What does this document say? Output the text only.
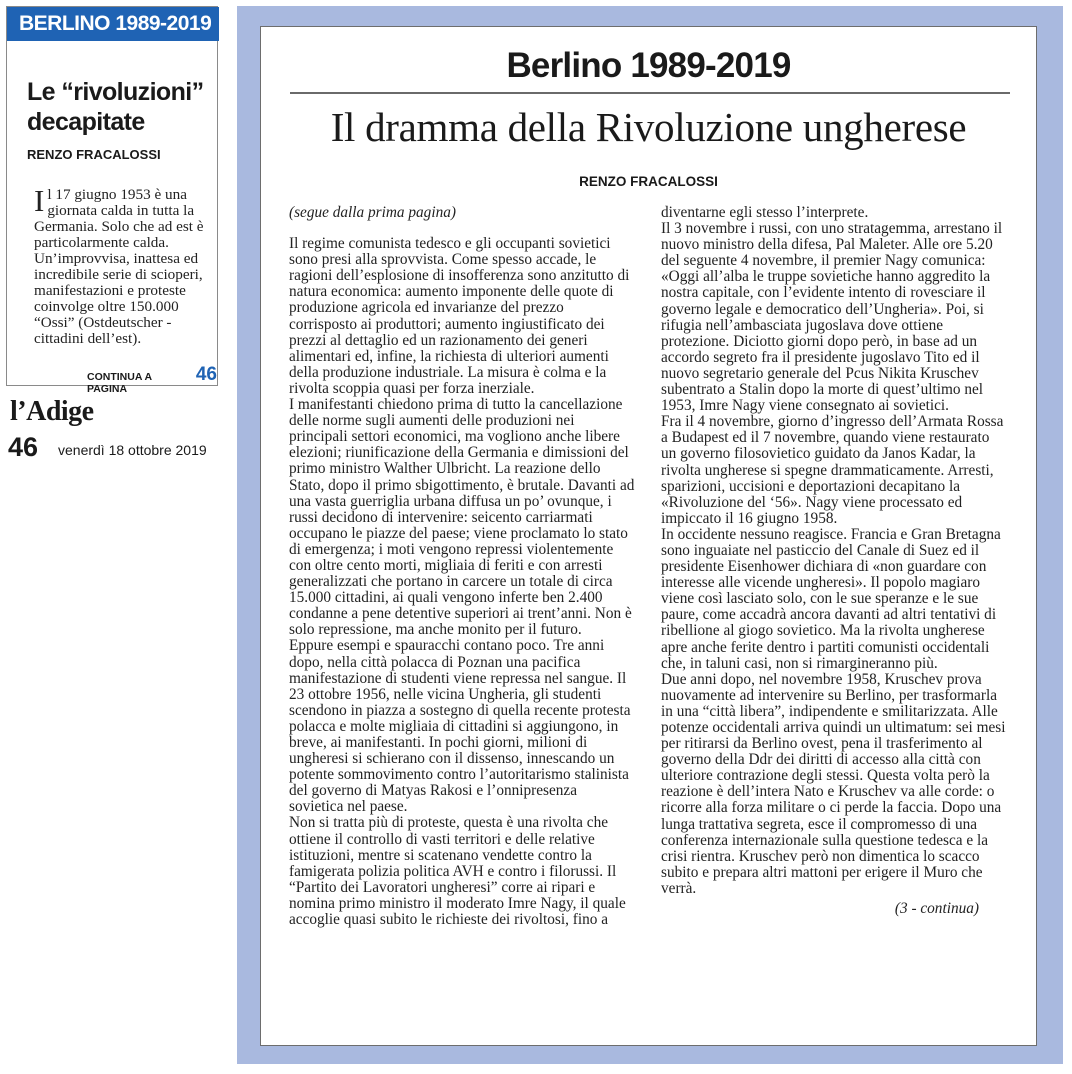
BERLINO 1989-2019
Le “rivoluzioni” decapitate
RENZO FRACALOSSI
Il 17 giugno 1953 è una giornata calda in tutta la Germania. Solo che ad est è particolarmente calda. Un’improvvisa, inattesa ed incredibile serie di scioperi, manifestazioni e proteste coinvolge oltre 150.000 “Ossi” (Ostdeutscher - cittadini dell’est).
CONTINUA A PAGINA
46
l’Adige
46 venerdì 18 ottobre 2019
Berlino 1989-2019
Il dramma della Rivoluzione ungherese
RENZO FRACALOSSI

(segue dalla prima pagina)

Il regime comunista tedesco e gli occupanti sovietici sono presi alla sprovvista. Come spesso accade, le ragioni dell’esplosione di insofferenza sono anzitutto di natura economica: aumento imponente delle quote di produzione agricola ed invarianze del prezzo corrisposto ai produttori; aumento ingiustificato dei prezzi al dettaglio ed un razionamento dei generi alimentari ed, infine, la richiesta di ulteriori aumenti della produzione industriale. La misura è colma e la rivolta scoppia quasi per forza inerziale.

I manifestanti chiedono prima di tutto la cancellazione delle norme sugli aumenti delle produzioni nei principali settori economici, ma vogliono anche libere elezioni; riunificazione della Germania e dimissioni del primo ministro Walther Ulbricht. La reazione dello Stato, dopo il primo sbigottimento, è brutale. Davanti ad una vasta guerriglia urbana diffusa un po’ ovunque, i russi decidono di intervenire: seicento carriarmati occupano le piazze del paese; viene proclamato lo stato di emergenza; i moti vengono repressi violentemente con oltre cento morti, migliaia di feriti e con arresti generalizzati che portano in carcere un totale di circa 15.000 cittadini, ai quali vengono inferte ben 2.400 condanne a pene detentive superiori ai trent’anni. Non è solo repressione, ma anche monito per il futuro.

Eppure esempi e spauracchi contano poco. Tre anni dopo, nella città polacca di Poznan una pacifica manifestazione di studenti viene repressa nel sangue. Il 23 ottobre 1956, nelle vicina Ungheria, gli studenti scendono in piazza a sostegno di quella recente protesta polacca e molte migliaia di cittadini si aggiungono, in breve, ai manifestanti. In pochi giorni, milioni di ungheresi si schierano con il dissenso, innescando un potente sommovimento contro l’autoritarismo stalinista del governo di Matyas Rakosi e l’onnipresenza sovietica nel paese.

Non si tratta più di proteste, questa è una rivolta che ottiene il controllo di vasti territori e delle relative istituzioni, mentre si scatenano vendette contro la famigerata polizia politica AVH e contro i filorussi. Il “Partito dei Lavoratori ungheresi” corre ai ripari e nomina primo ministro il moderato Imre Nagy, il quale accoglie quasi subito le richieste dei rivoltosi, fino a

diventarne egli stesso l’interprete.

Il 3 novembre i russi, con uno stratagemma, arrestano il nuovo ministro della difesa, Pal Maleter. Alle ore 5.20 del seguente 4 novembre, il premier Nagy comunica: «Oggi all’alba le truppe sovietiche hanno aggredito la nostra capitale, con l’evidente intento di rovesciare il governo legale e democratico dell’Ungheria». Poi, si rifugia nell’ambasciata jugoslava dove ottiene protezione. Diciotto giorni dopo però, in base ad un accordo segreto fra il presidente jugoslavo Tito ed il nuovo segretario generale del Pcus Nikita Kruschev subentrato a Stalin dopo la morte di quest’ultimo nel 1953, Imre Nagy viene consegnato ai sovietici.

Fra il 4 novembre, giorno d’ingresso dell’Armata Rossa a Budapest ed il 7 novembre, quando viene restaurato un governo filosovietico guidato da Janos Kadar, la rivolta ungherese si spegne drammaticamente. Arresti, sparizioni, uccisioni e deportazioni decapitano la «Rivoluzione del ‘56». Nagy viene processato ed impiccato il 16 giugno 1958.

In occidente nessuno reagisce. Francia e Gran Bretagna sono inguaiate nel pasticcio del Canale di Suez ed il presidente Eisenhower dichiara di «non guardare con interesse alle vicende ungheresi». Il popolo magiaro viene così lasciato solo, con le sue speranze e le sue paure, come accadrà ancora davanti ad altri tentativi di ribellione al giogo sovietico. Ma la rivolta ungherese apre anche ferite dentro i partiti comunisti occidentali che, in taluni casi, non si rimargineranno più.

Due anni dopo, nel novembre 1958, Kruschev prova nuovamente ad intervenire su Berlino, per trasformarla in una “città libera”, indipendente e smilitarizzata. Alle potenze occidentali arriva quindi un ultimatum: sei mesi per ritirarsi da Berlino ovest, pena il trasferimento al governo della Ddr dei diritti di accesso alla città con ulteriore contrazione degli stessi. Questa volta però la reazione è dell’intera Nato e Kruschev va alle corde: o ricorre alla forza militare o ci perde la faccia. Dopo una lunga trattativa segreta, esce il compromesso di una conferenza internazionale sulla questione tedesca e la crisi rientra. Kruschev però non dimentica lo scacco subito e prepara altri mattoni per erigere il Muro che verrà.

(3 - continua)
